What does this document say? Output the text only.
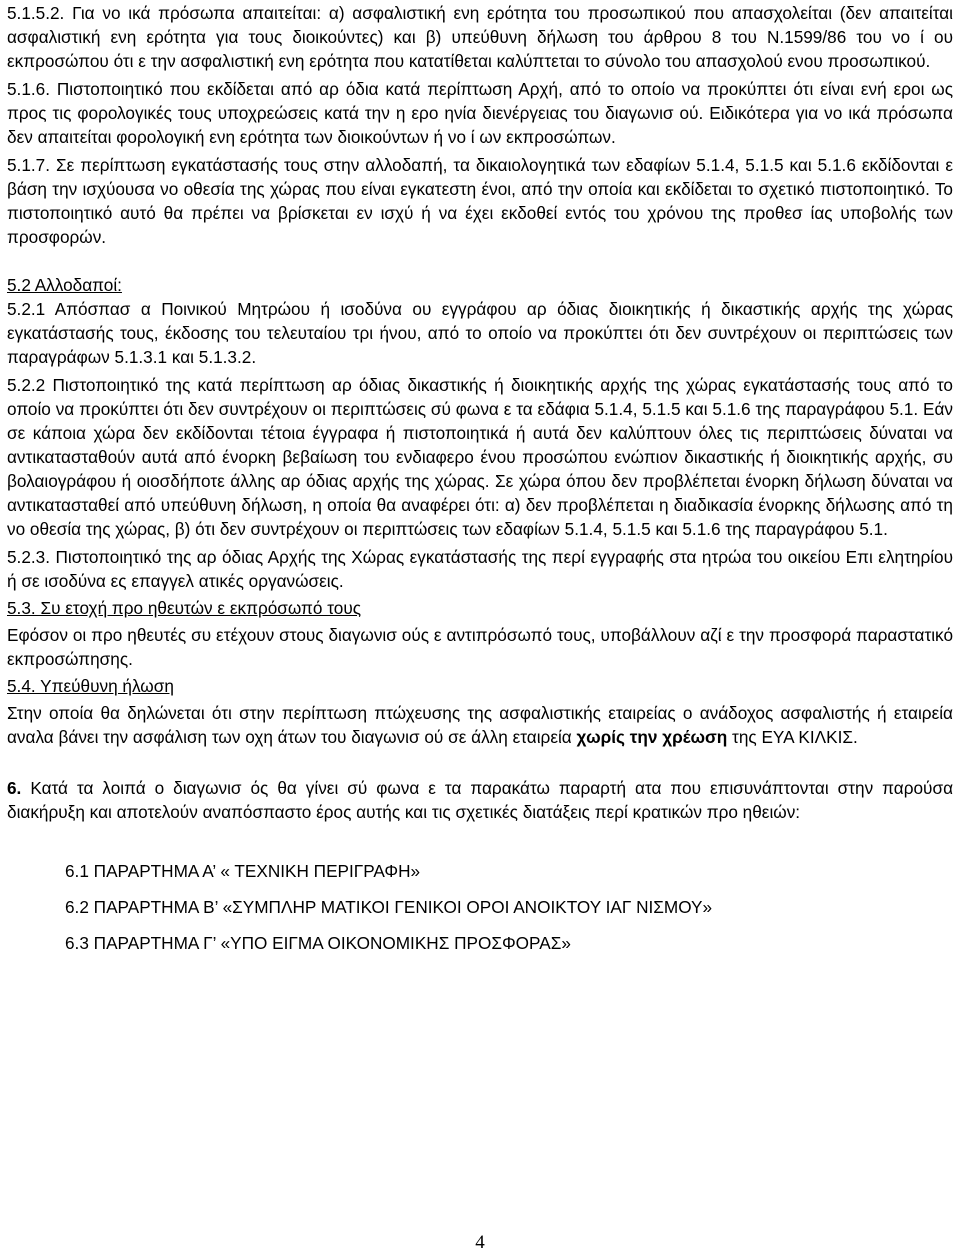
5.1.5.2. Για νο ικά πρόσωπα απαιτείται: α) ασφαλιστική ενη ερότητα του προσωπικού που απασχολείται (δεν απαιτείται ασφαλιστική ενη ερότητα για τους διοικούντες) και β) υπεύθυνη δήλωση του άρθρου 8 του Ν.1599/86 του νο ί ου εκπροσώπου ότι ε την ασφαλιστική ενη ερότητα που κατατίθεται καλύπτεται το σύνολο του απασχολού ενου προσωπικού.

5.1.6. Πιστοποιητικό που εκδίδεται από αρ όδια κατά περίπτωση Αρχή, από το οποίο να προκύπτει ότι είναι ενή εροι ως προς τις φορολογικές τους υποχρεώσεις κατά την η ερο ηνία διενέργειας του διαγωνισ ού. Ειδικότερα για νο ικά πρόσωπα δεν απαιτείται φορολογική ενη ερότητα των διοικούντων ή νο ί ων εκπροσώπων.

5.1.7. Σε περίπτωση εγκατάστασής τους στην αλλοδαπή, τα δικαιολογητικά των εδαφίων 5.1.4, 5.1.5 και 5.1.6 εκδίδονται ε βάση την ισχύουσα νο οθεσία της χώρας που είναι εγκατεστη ένοι, από την οποία και εκδίδεται το σχετικό πιστοποιητικό. Το πιστοποιητικό αυτό θα πρέπει να βρίσκεται εν ισχύ ή να έχει εκδοθεί εντός του χρόνου της προθεσ ίας υποβολής των προσφορών.

5.2 Αλλοδαποί:

5.2.1 Απόσπασ α Ποινικού Μητρώου ή ισοδύνα ου εγγράφου αρ όδιας διοικητικής ή δικαστικής αρχής της χώρας εγκατάστασής τους, έκδοσης του τελευταίου τρι ήνου, από το οποίο να προκύπτει ότι δεν συντρέχουν οι περιπτώσεις των παραγράφων 5.1.3.1 και 5.1.3.2.

5.2.2 Πιστοποιητικό της κατά περίπτωση αρ όδιας δικαστικής ή διοικητικής αρχής της χώρας εγκατάστασής τους από το οποίο να προκύπτει ότι δεν συντρέχουν οι περιπτώσεις σύ φωνα ε τα εδάφια 5.1.4, 5.1.5 και 5.1.6 της παραγράφου 5.1. Εάν σε κάποια χώρα δεν εκδίδονται τέτοια έγγραφα ή πιστοποιητικά ή αυτά δεν καλύπτουν όλες τις περιπτώσεις δύναται να αντικατασταθούν αυτά από ένορκη βεβαίωση του ενδιαφερο ένου προσώπου ενώπιον δικαστικής ή διοικητικής αρχής, συ βολαιογράφου ή οιοσδήποτε άλλης αρ όδιας αρχής της χώρας. Σε χώρα όπου δεν προβλέπεται ένορκη δήλωση δύναται να αντικατασταθεί από υπεύθυνη δήλωση, η οποία θα αναφέρει ότι: α) δεν προβλέπεται η διαδικασία ένορκης δήλωσης από τη νο οθεσία της χώρας, β) ότι δεν συντρέχουν οι περιπτώσεις των εδαφίων 5.1.4, 5.1.5 και 5.1.6 της παραγράφου 5.1.

5.2.3. Πιστοποιητικό της αρ όδιας Αρχής της Χώρας εγκατάστασής της περί εγγραφής στα ητρώα του οικείου Επι ελητηρίου ή σε ισοδύνα ες επαγγελ ατικές οργανώσεις.

5.3. Συ ετοχή προ ηθευτών ε εκπρόσωπό τους

Εφόσον οι προ ηθευτές συ ετέχουν στους διαγωνισ ούς ε αντιπρόσωπό τους, υποβάλλουν αζί ε την προσφορά παραστατικό εκπροσώπησης.

5.4. Υπεύθυνη ήλωση

Στην οποία θα δηλώνεται ότι στην περίπτωση πτώχευσης της ασφαλιστικής εταιρείας ο ανάδοχος ασφαλιστής ή εταιρεία αναλα βάνει την ασφάλιση των οχη άτων του διαγωνισ ού σε άλλη εταιρεία χωρίς την χρέωση της ΕΥΑ ΚΙΛΚΙΣ.

6. Κατά τα λοιπά ο διαγωνισ ός θα γίνει σύ φωνα ε τα παρακάτω παραρτή ατα που επισυνάπτονται στην παρούσα διακήρυξη και αποτελούν αναπόσπαστο έρος αυτής και τις σχετικές διατάξεις περί κρατικών προ ηθειών:

6.1 ΠΑΡΑΡΤΗΜΑ Α’ « ΤΕΧΝΙΚΗ ΠΕΡΙΓΡΑΦΗ»

6.2 ΠΑΡΑΡΤΗΜΑ Β’ «ΣΥΜΠΛΗΡ ΜΑΤΙΚΟΙ ΓΕΝΙΚΟΙ ΟΡΟΙ ΑΝΟΙΚΤΟΥ ΙΑΓ ΝΙΣΜΟΥ»

6.3 ΠΑΡΑΡΤΗΜΑ Γ’ «ΥΠΟ ΕΙΓΜΑ ΟΙΚΟΝΟΜΙΚΗΣ ΠΡΟΣΦΟΡΑΣ»

4
